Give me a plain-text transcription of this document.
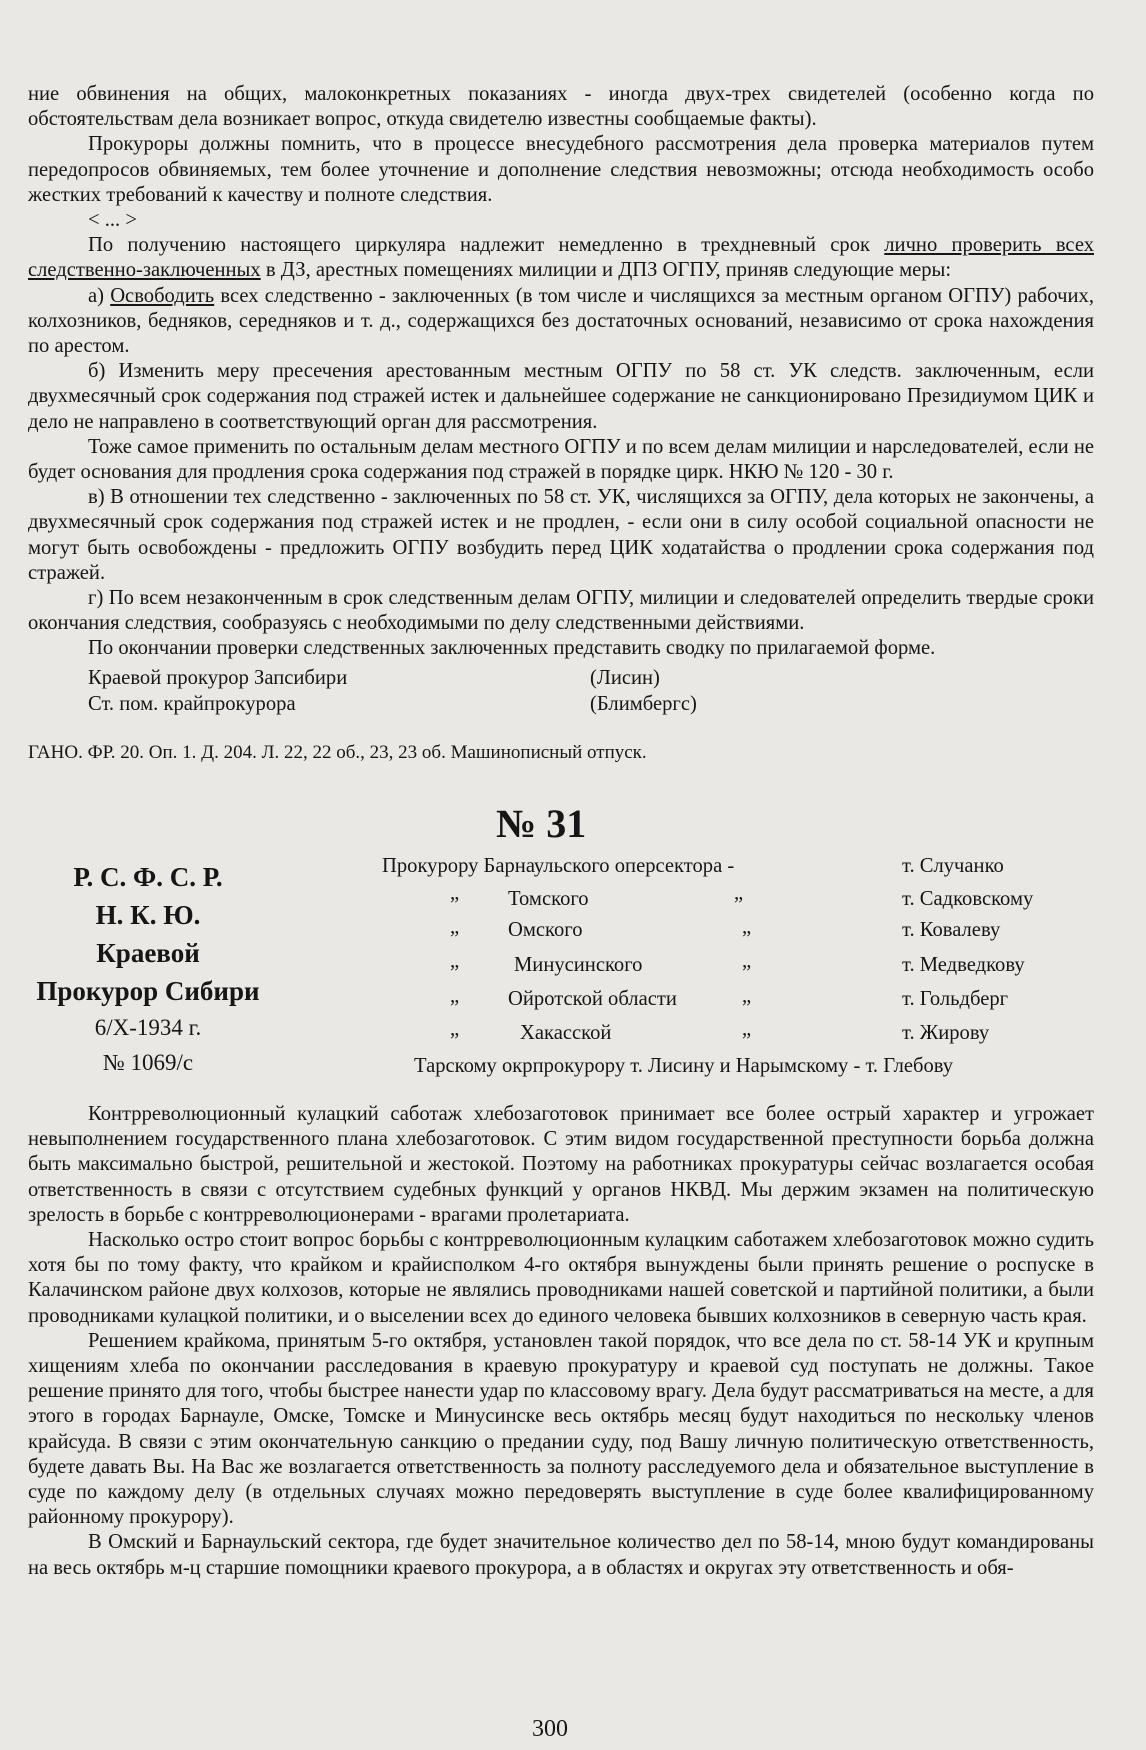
ние обвинения на общих, малоконкретных показаниях - иногда двух-трех свидетелей (особенно когда по обстоятельствам дела возникает вопрос, откуда свидетелю известны сообщаемые факты).

Прокуроры должны помнить, что в процессе внесудебного рассмотрения дела проверка материалов путем передопросов обвиняемых, тем более уточнение и дополнение следствия невозможны; отсюда необходимость особо жестких требований к качеству и полноте следствия.

< ... >

По получению настоящего циркуляра надлежит немедленно в трехдневный срок лично проверить всех следственно-заключенных в ДЗ, арестных помещениях милиции и ДПЗ ОГПУ, приняв следующие меры:

а) Освободить всех следственно - заключенных (в том числе и числящихся за местным органом ОГПУ) рабочих, колхозников, бедняков, середняков и т. д., содержащихся без достаточных оснований, независимо от срока нахождения по арестом.

б) Изменить меру пресечения арестованным местным ОГПУ по 58 ст. УК следств. заключенным, если двухмесячный срок содержания под стражей истек и дальнейшее содержание не санкционировано Президиумом ЦИК и дело не направлено в соответствующий орган для рассмотрения.

Тоже самое применить по остальным делам местного ОГПУ и по всем делам милиции и нарследователей, если не будет основания для продления срока содержания под стражей в порядке цирк. НКЮ № 120 - 30 г.

в) В отношении тех следственно - заключенных по 58 ст. УК, числящихся за ОГПУ, дела которых не закончены, а двухмесячный срок содержания под стражей истек и не продлен, - если они в силу особой социальной опасности не могут быть освобождены - предложить ОГПУ возбудить перед ЦИК ходатайства о продлении срока содержания под стражей.

г) По всем незаконченным в срок следственным делам ОГПУ, милиции и следователей определить твердые сроки окончания следствия, сообразуясь с необходимыми по делу следственными действиями.

По окончании проверки следственных заключенных представить сводку по прилагаемой форме.

Краевой прокурор Запсибири	(Лисин)
Ст. пом. крайпрокурора	(Блимбергс)
ГАНО. ФР. 20. Оп. 1. Д. 204. Л. 22, 22 об., 23, 23 об. Машинописный отпуск.
№ 31
Р. С. Ф. С. Р.
Н. К. Ю.
Краевой
Прокурор Сибири
6/Х-1934 г.
№ 1069/с
Прокурору Барнаульского оперсектора -	т. Случанко
„ Томского	„	т. Садковскому
„ Омского	„	т. Ковалеву
„	Минусинского	„	т. Медведкову
„ Ойротской области	„	т. Гольдберг
„	Хакасской	„	т. Жирову
Тарскому окрпрокурору т. Лисину и Нарымскому - т. Глебову

Контрреволюционный кулацкий саботаж хлебозаготовок принимает все более острый характер и угрожает невыполнением государственного плана хлебозаготовок. С этим видом государственной преступности борьба должна быть максимально быстрой, решительной и жестокой. Поэтому на работниках прокуратуры сейчас возлагается особая ответственность в связи с отсутствием судебных функций у органов НКВД. Мы держим экзамен на политическую зрелость в борьбе с контрреволюционерами - врагами пролетариата.

Насколько остро стоит вопрос борьбы с контрреволюционным кулацким саботажем хлебозаготовок можно судить хотя бы по тому факту, что крайком и крайисполком 4-го октября вынуждены были принять решение о роспуске в Калачинском районе двух колхозов, которые не являлись проводниками нашей советской и партийной политики, а были проводниками кулацкой политики, и о выселении всех до единого человека бывших колхозников в северную часть края.

Решением крайкома, принятым 5-го октября, установлен такой порядок, что все дела по ст. 58-14 УК и крупным хищениям хлеба по окончании расследования в краевую прокуратуру и краевой суд поступать не должны. Такое решение принято для того, чтобы быстрее нанести удар по классовому врагу. Дела будут рассматриваться на месте, а для этого в городах Барнауле, Омске, Томске и Минусинске весь октябрь месяц будут находиться по нескольку членов крайсуда. В связи с этим окончательную санкцию о предании суду, под Вашу личную политическую ответственность, будете давать Вы. На Вас же возлагается ответственность за полноту расследуемого дела и обязательное выступление в суде по каждому делу (в отдельных случаях можно передоверять выступление в суде более квалифицированному районному прокурору).

В Омский и Барнаульский сектора, где будет значительное количество дел по 58-14, мною будут командированы на весь октябрь м-ц старшие помощники краевого прокурора, а в областях и округах эту ответственность и обя-

300
